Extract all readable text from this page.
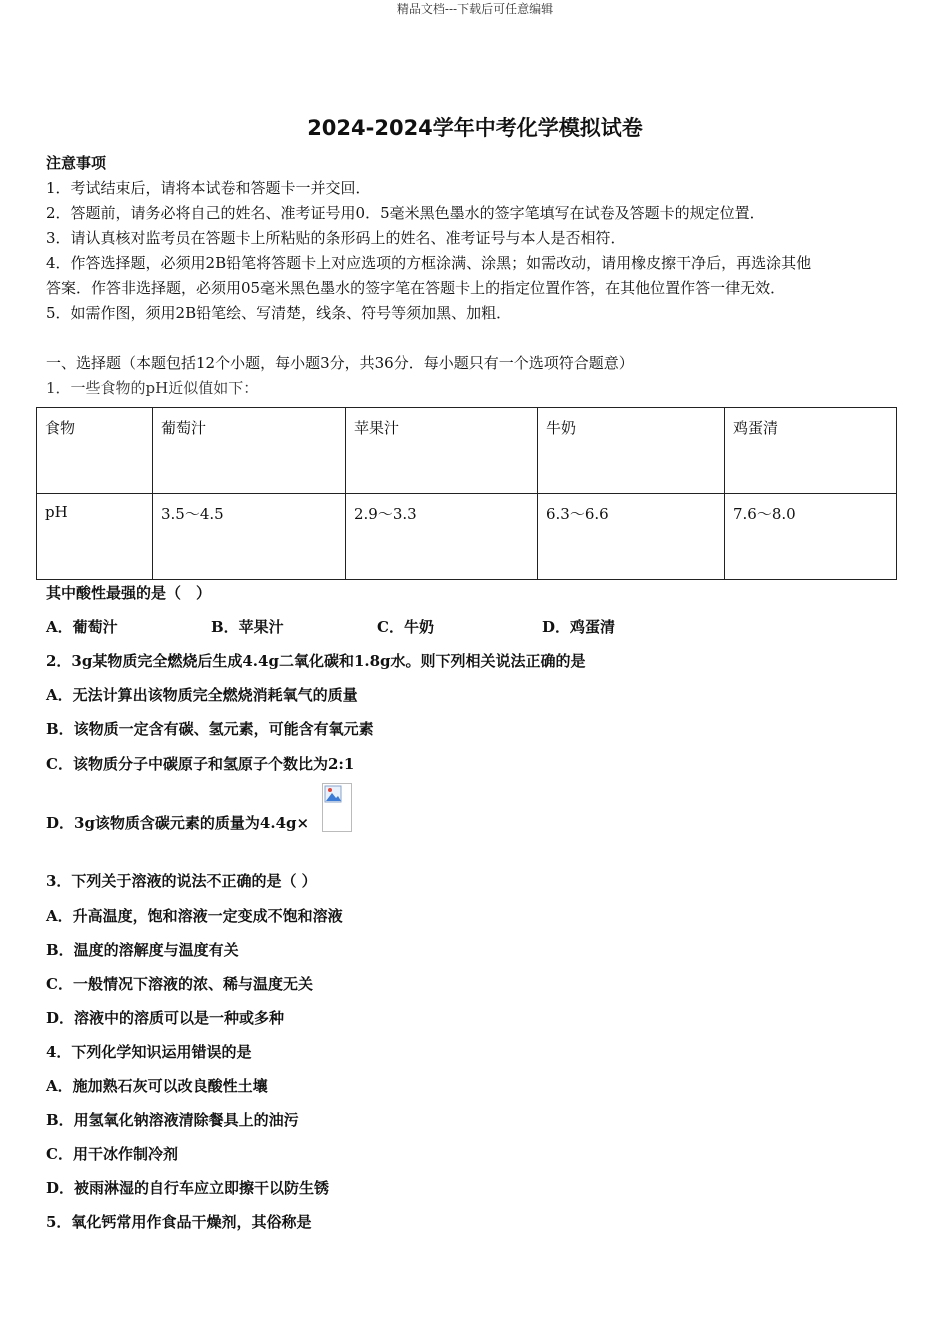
精品文档---下载后可任意编辑
2024-2024学年中考化学模拟试卷
注意事项
1．考试结束后，请将本试卷和答题卡一并交回．
2．答题前，请务必将自己的姓名、准考证号用0．5毫米黑色墨水的签字笔填写在试卷及答题卡的规定位置．
3．请认真核对监考员在答题卡上所粘贴的条形码上的姓名、准考证号与本人是否相符．
4．作答选择题，必须用2B铅笔将答题卡上对应选项的方框涂满、涂黑；如需改动，请用橡皮擦干净后，再选涂其他
答案．作答非选择题，必须用05毫米黑色墨水的签字笔在答题卡上的指定位置作答，在其他位置作答一律无效．
5．如需作图，须用2B铅笔绘、写清楚，线条、符号等须加黑、加粗．
一、选择题（本题包括12个小题，每小题3分，共36分．每小题只有一个选项符合题意）
1．一些食物的pH近似值如下：
食物	葡萄汁	苹果汁	牛奶	鸡蛋清
pH	3.5～4.5	2.9～3.3	6.3～6.6	7.6～8.0
其中酸性最强的是（　）
A．葡萄汁	B．苹果汁	C．牛奶	D．鸡蛋清
2．3g某物质完全燃烧后生成4.4g二氧化碳和1.8g水。则下列相关说法正确的是
A．无法计算出该物质完全燃烧消耗氧气的质量
B．该物质一定含有碳、氢元素，可能含有氧元素
C．该物质分子中碳原子和氢原子个数比为2:1
D．3g该物质含碳元素的质量为4.4g×
3．下列关于溶液的说法不正确的是（ ）
A．升高温度，饱和溶液一定变成不饱和溶液
B．温度的溶解度与温度有关
C．一般情况下溶液的浓、稀与温度无关
D．溶液中的溶质可以是一种或多种
4．下列化学知识运用错误的是
A．施加熟石灰可以改良酸性土壤
B．用氢氧化钠溶液清除餐具上的油污
C．用干冰作制冷剂
D．被雨淋湿的自行车应立即擦干以防生锈
5．氧化钙常用作食品干燥剂，其俗称是
